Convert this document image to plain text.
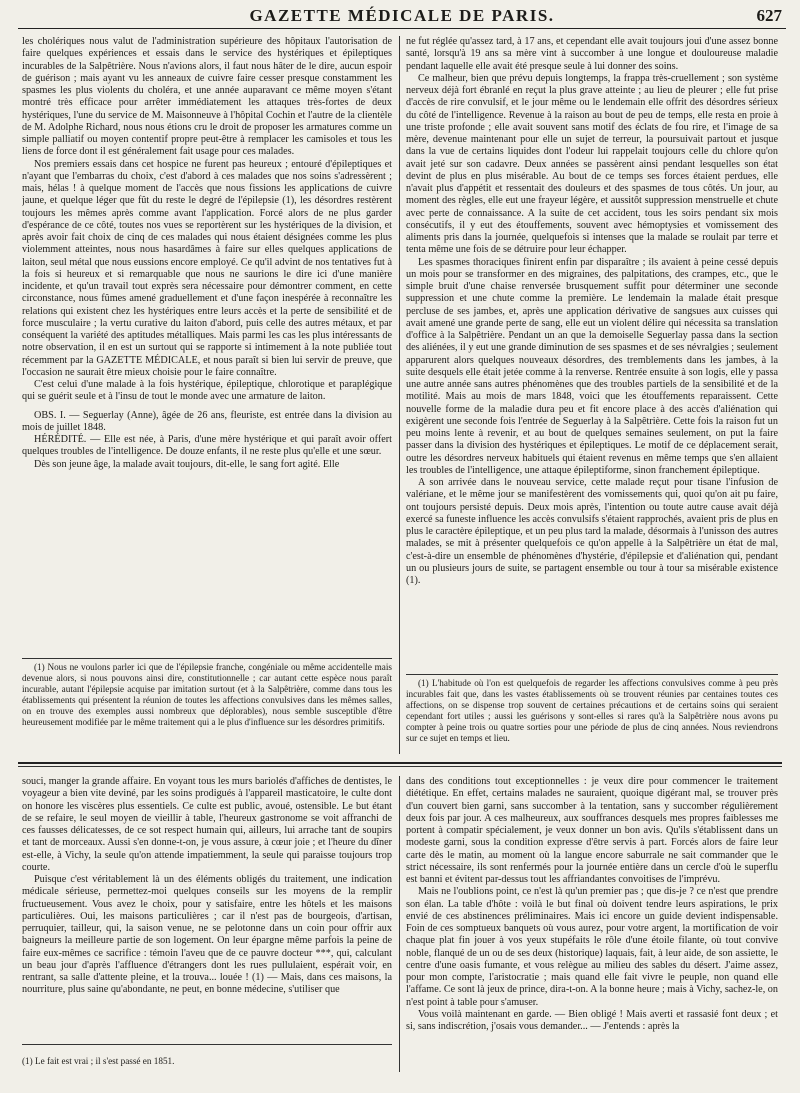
GAZETTE MÉDICALE DE PARIS.	627

les cholériques nous valut de l'administration supérieure des hôpitaux l'autorisation de faire quelques expériences et essais dans le service des hystériques et épileptiques incurables de la Salpêtrière. Nous n'avions alors, il faut nous hâter de le dire, aucun espoir de guérison ; mais ayant vu les anneaux de cuivre faire cesser presque constamment les spasmes les plus violents du choléra, et une année auparavant ce même moyen s'étant montré très efficace pour arrêter immédiatement les attaques très-fortes de deux hystériques, l'une du service de M. Maisonneuve à l'hôpital Cochin et l'autre de la clientèle de M. Adolphe Richard, nous nous étions cru le droit de proposer les armatures comme un simple palliatif ou moyen contentif propre peut-être à remplacer les camisoles et tous les liens de force dont il est généralement fait usage pour ces malades.

Nos premiers essais dans cet hospice ne furent pas heureux ; entouré d'épileptiques et n'ayant que l'embarras du choix, c'est d'abord à ces malades que nos soins s'adressèrent ; mais, hélas ! à quelque moment de l'accès que nous fissions les applications de cuivre jaune, et quelque léger que fût du reste le degré de l'épilepsie (1), les désordres restèrent toujours les mêmes après comme avant l'application. Forcé alors de ne plus garder d'espérance de ce côté, toutes nos vues se reportèrent sur les hystériques de la division, et après avoir fait choix de cinq de ces malades qui nous étaient désignées comme les plus violemment atteintes, nous nous hasardâmes à faire sur elles quelques applications de laiton, seul métal que nous eussions encore employé. Ce qu'il advint de nos tentatives fut à la fois si heureux et si remarquable que nous ne saurions le dire ici d'une manière incidente, et qu'un travail tout exprès sera nécessaire pour démontrer comment, en cette circonstance, nous fûmes amené graduellement et d'une façon inespérée à reconnaître les relations qui existent chez les hystériques entre leurs accès et la perte de sensibilité et de force musculaire ; la vertu curative du laiton d'abord, puis celle des autres métaux, et par conséquent la variété des aptitudes métalliques. Mais parmi les cas les plus intéressants de notre observation, il en est un surtout qui se rapporte si intimement à la note publiée tout récemment par la GAZETTE MÉDICALE, et nous paraît si bien lui servir de preuve, que l'occasion ne saurait être mieux choisie pour le faire connaître.

C'est celui d'une malade à la fois hystérique, épileptique, chlorotique et paraplégique qui se guérit seule et à l'insu de tout le monde avec une armature de laiton.

OBS. I. — Seguerlay (Anne), âgée de 26 ans, fleuriste, est entrée dans la division au mois de juillet 1848.

HÉRÉDITÉ. — Elle est née, à Paris, d'une mère hystérique et qui paraît avoir offert quelques troubles de l'intelligence. De douze enfants, il ne reste plus qu'elle et une sœur.

Dès son jeune âge, la malade avait toujours, dit-elle, le sang fort agité. Elle

(1) Nous ne voulons parler ici que de l'épilepsie franche, congéniale ou même accidentelle mais devenue alors, si nous pouvons ainsi dire, constitutionnelle ; car autant cette espèce nous paraît incurable, autant l'épilepsie acquise par imitation surtout (et à la Salpêtrière, comme dans tous les établissements qui présentent la réunion de toutes les affections convulsives dans les mêmes salles, on en trouve des exemples aussi nombreux que déplorables), nous semble susceptible d'être heureusement modifiée par le même traitement qui a le plus d'influence sur les désordres primitifs.

ne fut réglée qu'assez tard, à 17 ans, et cependant elle avait toujours joui d'une assez bonne santé, lorsqu'à 19 ans sa mère vint à succomber à une longue et douloureuse maladie pendant laquelle elle avait été presque seule à lui donner des soins.

Ce malheur, bien que prévu depuis longtemps, la frappa très-cruellement ; son système nerveux déjà fort ébranlé en reçut la plus grave atteinte ; au lieu de pleurer ; elle fut prise d'accès de rire convulsif, et le jour même ou le lendemain elle offrit des désordres sérieux du côté de l'intelligence. Revenue à la raison au bout de peu de temps, elle resta en proie à une triste profonde ; elle avait souvent sans motif des éclats de fou rire, et l'image de sa mère, devenue maintenant pour elle un sujet de terreur, la poursuivait partout et jusque dans la vue de certains liquides dont l'odeur lui rappelait toujours celle du chlore qu'on avait jeté sur son cadavre. Deux années se passèrent ainsi pendant lesquelles son état devint de plus en plus misérable. Au bout de ce temps ses forces étaient perdues, elle n'avait plus d'appétit et ressentait des douleurs et des spasmes de tous côtés. Un jour, au moment des règles, elle eut une frayeur légère, et aussitôt suppression menstruelle et chute avec perte de connaissance. A la suite de cet accident, tous les soirs pendant six mois consécutifs, il y eut des étouffements, souvent avec hémoptysies et vomissement des aliments pris dans la journée, quelquefois si intenses que la malade se roulait par terre et tenta même une fois de se détruire pour leur échapper.

Les spasmes thoraciques finirent enfin par disparaître ; ils avaient à peine cessé depuis un mois pour se transformer en des migraines, des palpitations, des crampes, etc., que le simple bruit d'une chaise renversée brusquement suffit pour déterminer une seconde suppression et une chute comme la première. Le lendemain la malade était presque percluse de ses jambes, et, après une application dérivative de sangsues aux cuisses qui avait amené une grande perte de sang, elle eut un violent délire qui nécessita sa translation d'office à la Salpêtrière. Pendant un an que la demoiselle Seguerlay passa dans la section des aliénées, il y eut une grande diminution de ses spasmes et de ses névralgies ; seulement apparurent alors quelques nouveaux désordres, des tremblements dans les jambes, à la suite desquels elle était jetée comme à la renverse. Rentrée ensuite à son logis, elle y passa une autre année sans autres phénomènes que des troubles partiels de la sensibilité et de la motilité. Mais au mois de mars 1848, voici que les étouffements reparaissent. Cette nouvelle forme de la maladie dura peu et fit encore place à des accès d'aliénation qui exigèrent une seconde fois l'entrée de Seguerlay à la Salpêtrière. Cette fois la raison fut un peu moins lente à revenir, et au bout de quelques semaines seulement, on put la faire passer dans la division des hystériques et épileptiques. Le motif de ce déplacement serait, outre les désordres nerveux habituels qui étaient revenus en même temps que s'en allaient les troubles de l'intelligence, une attaque épileptiforme, sinon franchement épileptique.

A son arrivée dans le nouveau service, cette malade reçut pour tisane l'infusion de valériane, et le même jour se manifestèrent des vomissements qui, quoi qu'on ait pu faire, ont toujours persisté depuis. Deux mois après, l'intention ou toute autre cause avait déjà exercé sa funeste influence les accès convulsifs s'étaient rapprochés, avaient pris de plus en plus le caractère épileptique, et un peu plus tard la malade, désormais à l'unisson des autres malades, se mit à présenter quelquefois ce qu'on appelle à la Salpêtrière un état de mal, c'est-à-dire un ensemble de phénomènes d'hystérie, d'épilepsie et d'aliénation qui, pendant un ou plusieurs jours de suite, se partagent ensemble ou tour à tour sa misérable existence (1).

(1) L'habitude où l'on est quelquefois de regarder les affections convulsives comme à peu près incurables fait que, dans les vastes établissements où se trouvent réunies par centaines toutes ces affections, on se dispense trop souvent de certaines précautions et de certains soins qui seraient cependant fort utiles ; aussi les guérisons y sont-elles si rares qu'à la Salpêtrière nous avons pu compter à peine trois ou quatre sorties pour une période de plus de cinq années. Nous reviendrons sur ce sujet en temps et lieu.

souci, manger la grande affaire. En voyant tous les murs bariolés d'affiches de dentistes, le voyageur a bien vite deviné, par les soins prodigués à l'appareil masticatoire, le culte dont on honore les viscères plus essentiels. Ce culte est public, avoué, ostensible. Le but étant de se refaire, le seul moyen de vieillir à table, l'heureux gastronome se voit affranchi de ces fausses délicatesses, de ce sot respect humain qui, ailleurs, lui arrache tant de soupirs et tant de morceaux. Aussi s'en donne-t-on, je vous assure, à cœur joie ; et l'heure du dîner est-elle, à Vichy, la seule qu'on attende impatiemment, la seule qui paraisse toujours trop courte.

Puisque c'est véritablement là un des éléments obligés du traitement, une indication médicale sérieuse, permettez-moi quelques conseils sur les moyens de la remplir fructueusement. Vous avez le choix, pour y satisfaire, entre les hôtels et les maisons particulières. Oui, les maisons particulières ; car il n'est pas de bourgeois, d'artisan, perruquier, tailleur, qui, la saison venue, ne se pelotonne dans un coin pour offrir aux baigneurs la meilleure partie de son logement. On leur épargne même parfois la peine de faire eux-mêmes ce sacrifice : témoin l'aveu que de ce pauvre docteur ***, qui, calculant un beau jour d'après l'affluence d'étrangers dont les rues pullulaient, espérait voir, en rentrant, sa salle d'attente pleine, et la trouva... louée ! (1) — Mais, dans ces maisons, la nourriture, plus saine qu'abondante, ne peut, en bonne médecine, s'utiliser que

(1) Le fait est vrai ; il s'est passé en 1851.

dans des conditions tout exceptionnelles : je veux dire pour commencer le traitement diététique. En effet, certains malades ne sauraient, quoique digérant mal, se trouver près d'un couvert bien garni, sans succomber à la tentation, sans y succomber régulièrement deux fois par jour. A ces malheureux, aux souffrances desquels mes propres faiblesses me portent à compatir spécialement, je veux donner un bon avis. Qu'ils s'établissent dans un modeste garni, sous la condition expresse d'être servis à part. Forcés alors de faire leur carte dès le matin, au moment où la langue encore saburrale ne sait commander que le strict nécessaire, ils sont renfermés pour la journée entière dans un cercle d'où le superflu est banni et évitent par-dessus tout les affriandantes convoitises de l'imprévu.

Mais ne l'oublions point, ce n'est là qu'un premier pas ; que dis-je ? ce n'est que prendre son élan. La table d'hôte : voilà le but final où doivent tendre leurs aspirations, le prix envié de ces abstinences préliminaires. Mais ici encore un guide devient indispensable. Foin de ces somptueux banquets où vous aurez, pour votre argent, la mortification de voir chaque plat fin jouer à vos yeux stupéfaits le rôle d'une étoile filante, où tout convive noble, flanqué de un ou de ses deux (historique) laquais, fait, à leur aide, de son assiette, le centre d'une oasis fumante, et vous relègue au milieu des sables du désert. J'aime assez, pour mon compte, l'aristocratie ; mais quand elle fait vivre le peuple, non quand elle l'affame. Ce sont là jeux de prince, dira-t-on. A la bonne heure ; mais à Vichy, sachez-le, on n'est point à table pour s'amuser.

Vous voilà maintenant en garde. — Bien obligé ! Mais averti et rassasié font deux ; et si, sans indiscrétion, j'osais vous demander... — J'entends : après la
